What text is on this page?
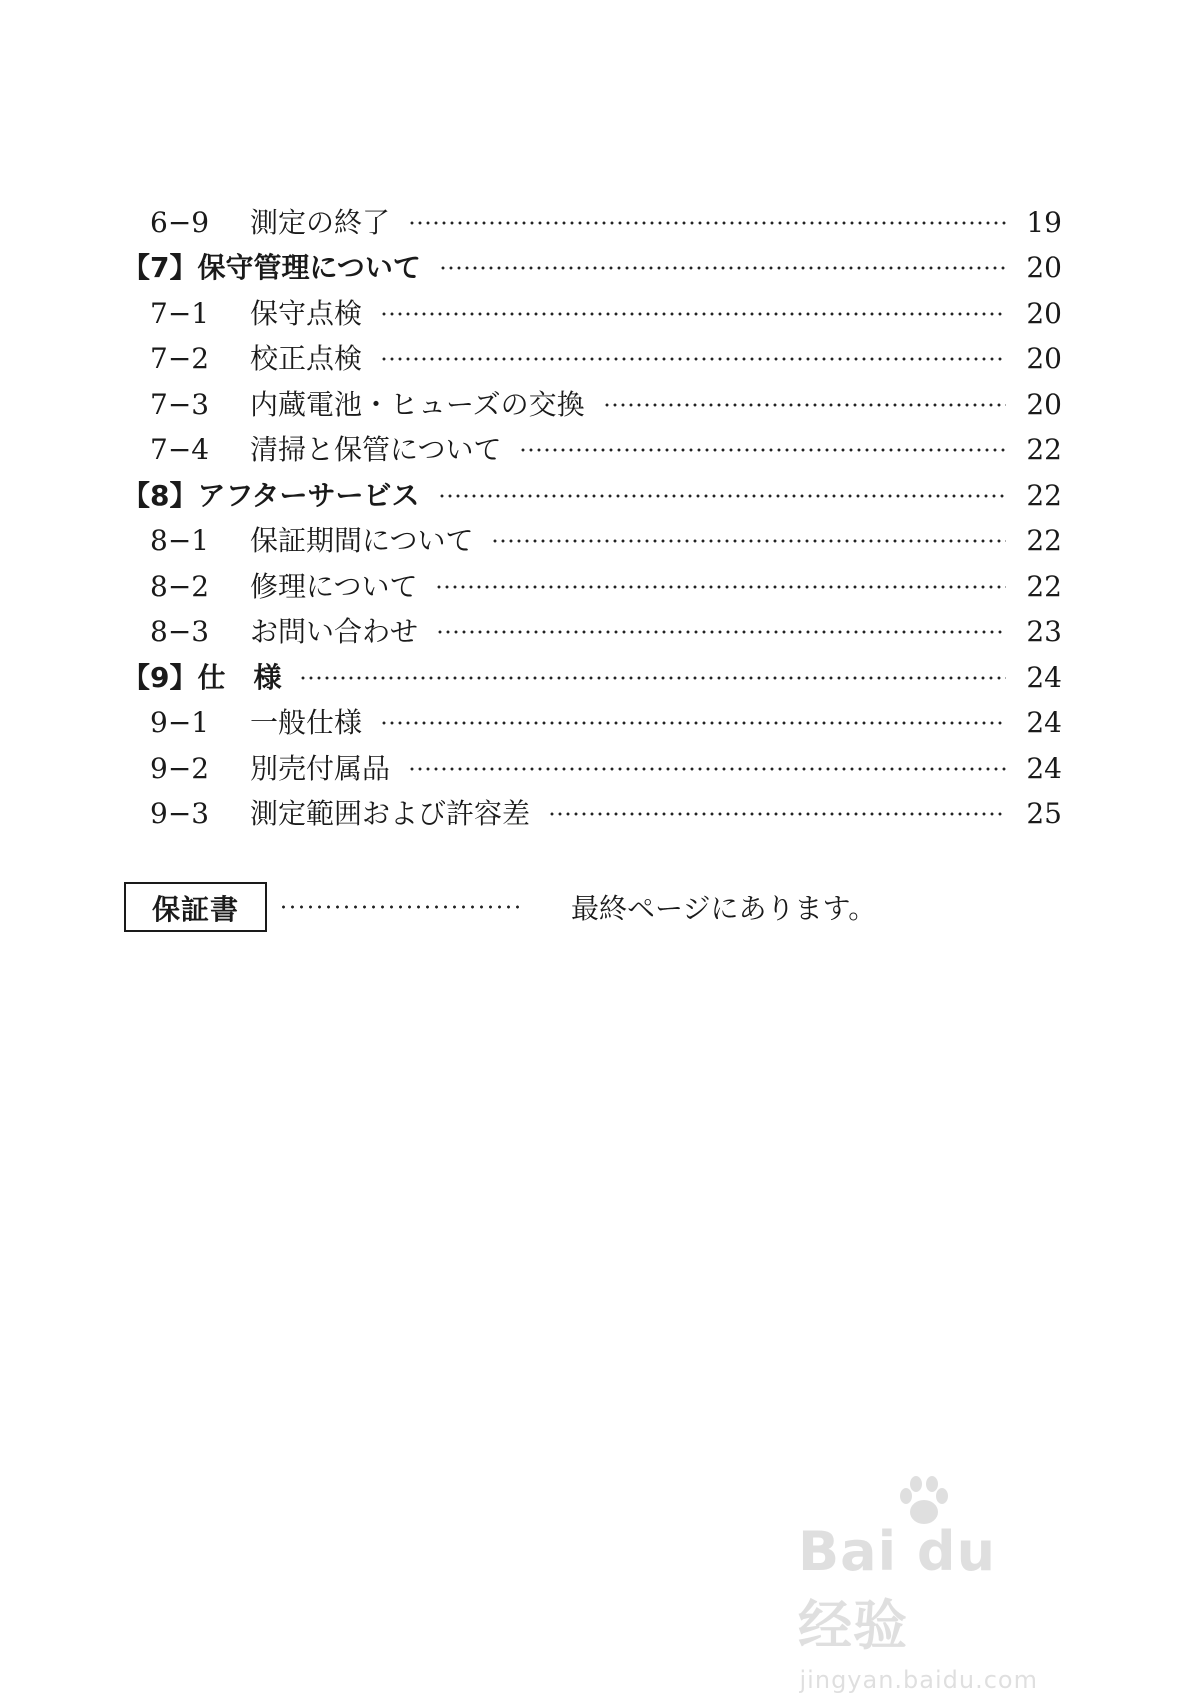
6−9	測定の終了	19
【7】保守管理について	20
7−1	保守点検	20
7−2	校正点検	20
7−3	内蔵電池・ヒューズの交換	20
7−4	清掃と保管について	22
【8】アフターサービス	22
8−1	保証期間について	22
8−2	修理について	22
8−3	お問い合わせ	23
【9】仕　様	24
9−1	一般仕様	24
9−2	別売付属品	24
9−3	測定範囲および許容差	25
保証書	最終ページにあります。
Bai du 经验
jingyan.baidu.com
